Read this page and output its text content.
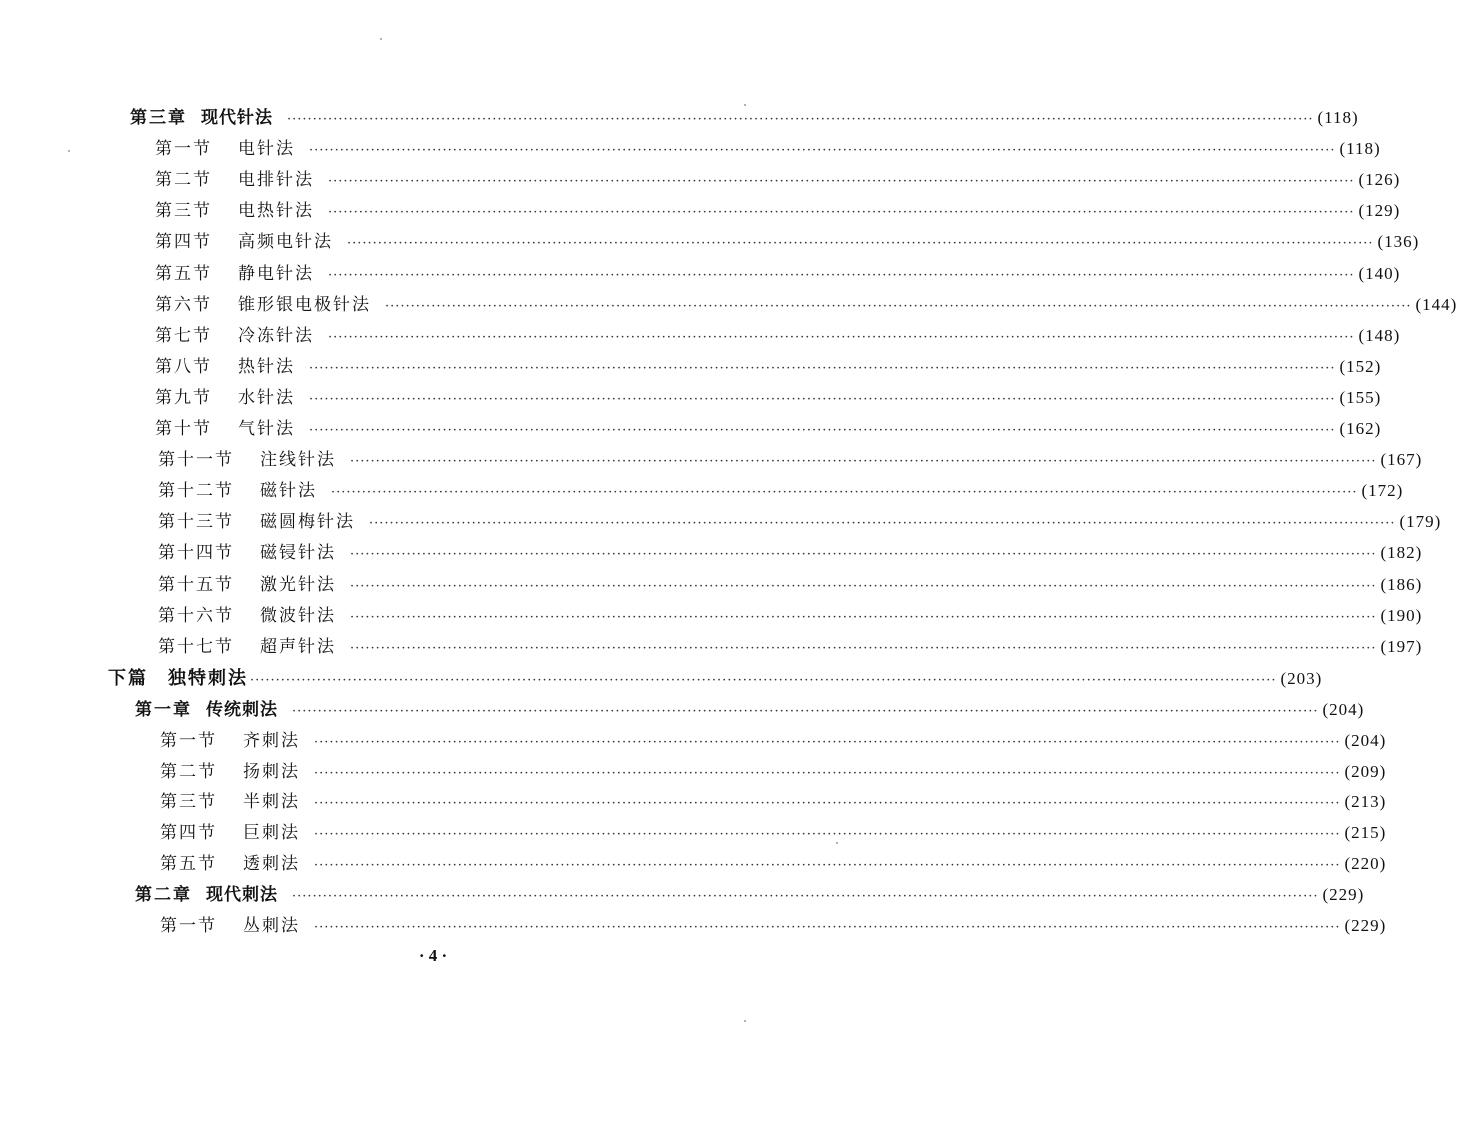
第三章 现代针法 ········································································································································································································ (118)
第一节 电针法 ········································································································································································································ (118)
第二节 电排针法 ········································································································································································································ (126)
第三节 电热针法 ········································································································································································································ (129)
第四节 高频电针法 ········································································································································································································ (136)
第五节 静电针法 ········································································································································································································ (140)
第六节 锥形银电极针法 ········································································································································································································ (144)
第七节 冷冻针法 ········································································································································································································ (148)
第八节 热针法 ········································································································································································································ (152)
第九节 水针法 ········································································································································································································ (155)
第十节 气针法 ········································································································································································································ (162)
第十一节 注线针法 ········································································································································································································ (167)
第十二节 磁针法 ········································································································································································································ (172)
第十三节 磁圆梅针法 ········································································································································································································ (179)
第十四节 磁锓针法 ········································································································································································································ (182)
第十五节 激光针法 ········································································································································································································ (186)
第十六节 微波针法 ········································································································································································································ (190)
第十七节 超声针法 ········································································································································································································ (197)
下篇 独特刺法 ········································································································································································································ (203)
第一章 传统刺法 ········································································································································································································ (204)
第一节 齐刺法 ········································································································································································································ (204)
第二节 扬刺法 ········································································································································································································ (209)
第三节 半刺法 ········································································································································································································ (213)
第四节 巨刺法 ········································································································································································································ (215)
第五节 透刺法 ········································································································································································································ (220)
第二章 现代刺法 ········································································································································································································ (229)
第一节 丛刺法 ········································································································································································································ (229)
· 4 ·
